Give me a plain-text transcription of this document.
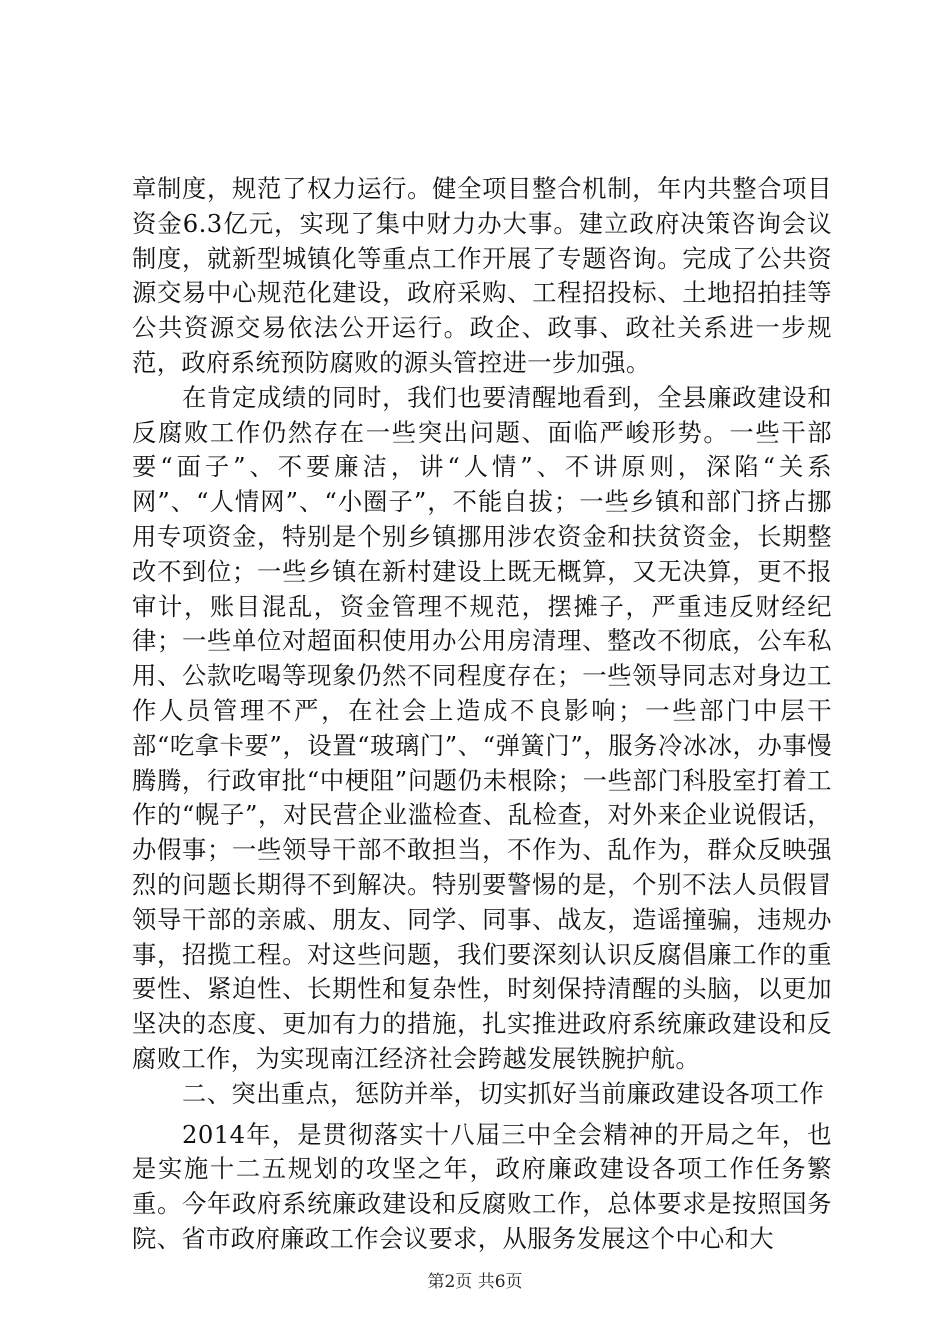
章制度，规范了权力运行。健全项目整合机制，年内共整合项目资金6.3亿元，实现了集中财力办大事。建立政府决策咨询会议制度，就新型城镇化等重点工作开展了专题咨询。完成了公共资源交易中心规范化建设，政府采购、工程招投标、土地招拍挂等公共资源交易依法公开运行。政企、政事、政社关系进一步规范，政府系统预防腐败的源头管控进一步加强。

在肯定成绩的同时，我们也要清醒地看到，全县廉政建设和反腐败工作仍然存在一些突出问题、面临严峻形势。一些干部要“面子”、不要廉洁，讲“人情”、不讲原则，深陷“关系网”、“人情网”、“小圈子”，不能自拔；一些乡镇和部门挤占挪用专项资金，特别是个别乡镇挪用涉农资金和扶贫资金，长期整改不到位；一些乡镇在新村建设上既无概算，又无决算，更不报审计，账目混乱，资金管理不规范，摆摊子，严重违反财经纪律；一些单位对超面积使用办公用房清理、整改不彻底，公车私用、公款吃喝等现象仍然不同程度存在；一些领导同志对身边工作人员管理不严，在社会上造成不良影响；一些部门中层干部“吃拿卡要”，设置“玻璃门”、“弹簧门”，服务冷冰冰，办事慢腾腾，行政审批“中梗阻”问题仍未根除；一些部门科股室打着工作的“幌子”，对民营企业滥检查、乱检查，对外来企业说假话，办假事；一些领导干部不敢担当，不作为、乱作为，群众反映强烈的问题长期得不到解决。特别要警惕的是，个别不法人员假冒领导干部的亲戚、朋友、同学、同事、战友，造谣撞骗，违规办事，招揽工程。对这些问题，我们要深刻认识反腐倡廉工作的重要性、紧迫性、长期性和复杂性，时刻保持清醒的头脑，以更加坚决的态度、更加有力的措施，扎实推进政府系统廉政建设和反腐败工作，为实现南江经济社会跨越发展铁腕护航。

二、突出重点，惩防并举，切实抓好当前廉政建设各项工作

2014年，是贯彻落实十八届三中全会精神的开局之年，也是实施十二五规划的攻坚之年，政府廉政建设各项工作任务繁重。今年政府系统廉政建设和反腐败工作，总体要求是按照国务院、省市政府廉政工作会议要求，从服务发展这个中心和大

第2页 共6页
